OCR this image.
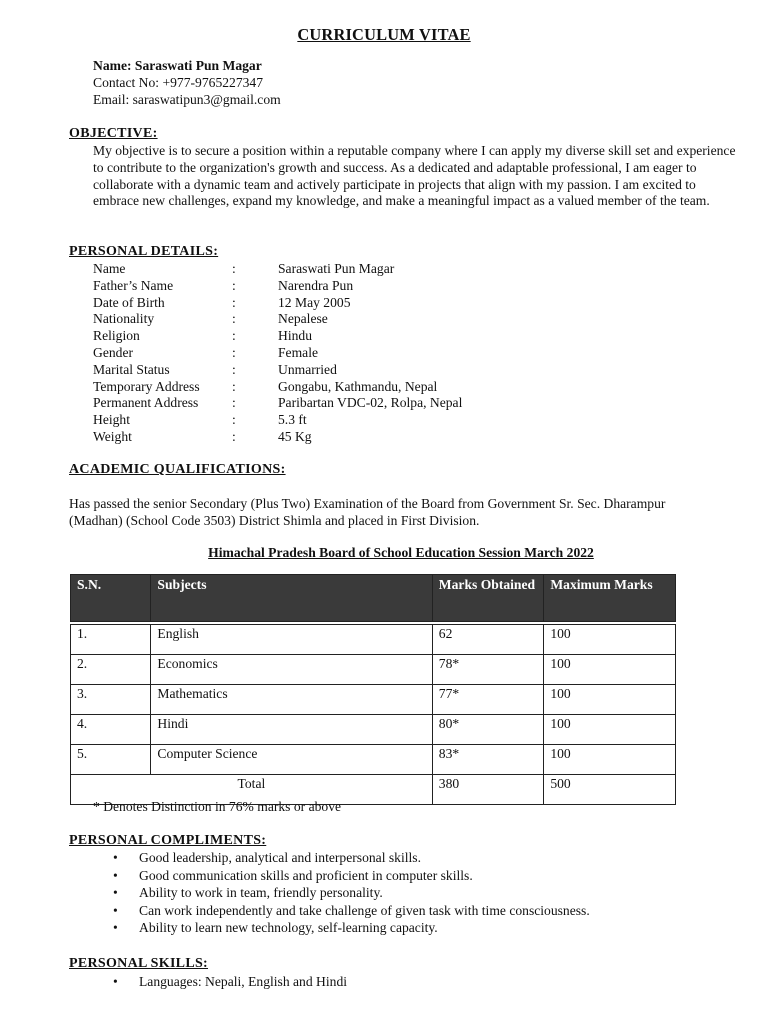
CURRICULUM VITAE
Name: Saraswati Pun Magar
Contact No: +977-9765227347
Email: saraswatipun3@gmail.com
OBJECTIVE:
My objective is to secure a position within a reputable company where I can apply my diverse skill set and experience to contribute to the organization's growth and success. As a dedicated and adaptable professional, I am eager to collaborate with a dynamic team and actively participate in projects that align with my passion. I am excited to embrace new challenges, expand my knowledge, and make a meaningful impact as a valued member of the team.
PERSONAL DETAILS:
Name	:	Saraswati Pun Magar
Father’s Name	:	Narendra Pun
Date of Birth	:	12 May 2005
Nationality	:	Nepalese
Religion	:	Hindu
Gender	:	Female
Marital Status	:	Unmarried
Temporary Address :	Gongabu, Kathmandu, Nepal
Permanent Address :	Paribartan VDC-02, Rolpa, Nepal
Height	:	5.3 ft
Weight	:	45 Kg
ACADEMIC QUALIFICATIONS:
Has passed the senior Secondary (Plus Two) Examination of the Board from Government Sr. Sec. Dharampur (Madhan) (School Code 3503) District Shimla and placed in First Division.
Himachal Pradesh Board of School Education Session March 2022
S.N.	Subjects	Marks Obtained	Maximum Marks

1.	English	62	100
2.	Economics	78*	100
3.	Mathematics	77*	100
4.	Hindi	80*	100
5.	Computer Science	83*	100
Total		380	500
* Denotes Distinction in 76% marks or above
PERSONAL COMPLIMENTS:
• Good leadership, analytical and interpersonal skills.
• Good communication skills and proficient in computer skills.
• Ability to work in team, friendly personality.
• Can work independently and take challenge of given task with time consciousness.
• Ability to learn new technology, self-learning capacity.
PERSONAL SKILLS:
• Languages: Nepali, English and Hindi
